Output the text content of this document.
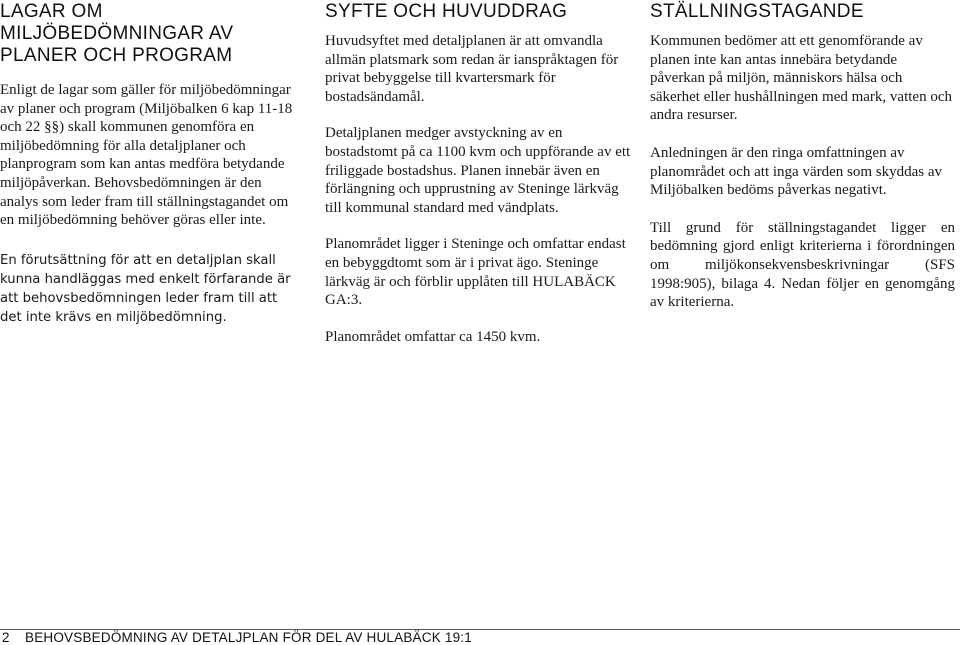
LAGAR OM MILJÖBEDÖMNINGAR AV PLANER OCH PROGRAM

Enligt de lagar som gäller för miljöbedömningar av planer och program (Miljöbalken 6 kap 11-18 och 22 §§) skall kommunen genomföra en miljöbedömning för alla detaljplaner och planprogram som kan antas medföra betydande miljöpåverkan. Behovsbedömningen är den analys som leder fram till ställningstagandet om en miljöbedömning behöver göras eller inte.

En förutsättning för att en detaljplan skall kunna handläggas med enkelt förfarande är att behovsbedömningen leder fram till att det inte krävs en miljöbedömning.

SYFTE OCH HUVUDDRAG

Huvudsyftet med detaljplanen är att omvandla allmän platsmark som redan är ianspråktagen för privat bebyggelse till kvartersmark för bostadsändamål.

Detaljplanen medger avstyckning av en bostadstomt på ca 1100 kvm och uppförande av ett friliggade bostadshus. Planen innebär även en förlängning och upprustning av Steninge lärkväg till kommunal standard med vändplats.

Planområdet ligger i Steninge och omfattar endast en bebyggdtomt som är i privat ägo. Steninge lärkväg är och förblir upplåten till HULABÄCK GA:3.

Planområdet omfattar ca 1450 kvm.

STÄLLNINGSTAGANDE

Kommunen bedömer att ett genomförande av planen inte kan antas innebära betydande påverkan på miljön, människors hälsa och säkerhet eller hushållningen med mark, vatten och andra resurser.

Anledningen är den ringa omfattningen av planområdet och att inga värden som skyddas av Miljöbalken bedöms påverkas negativt.

Till grund för ställningstagandet ligger en bedömning gjord enligt kriterierna i förordningen om miljökonsekvensbeskrivningar (SFS 1998:905), bilaga 4. Nedan följer en genomgång av kriterierna.

2 BEHOVSBEDÖMNING AV DETALJPLAN FÖR DEL AV HULABÄCK 19:1
